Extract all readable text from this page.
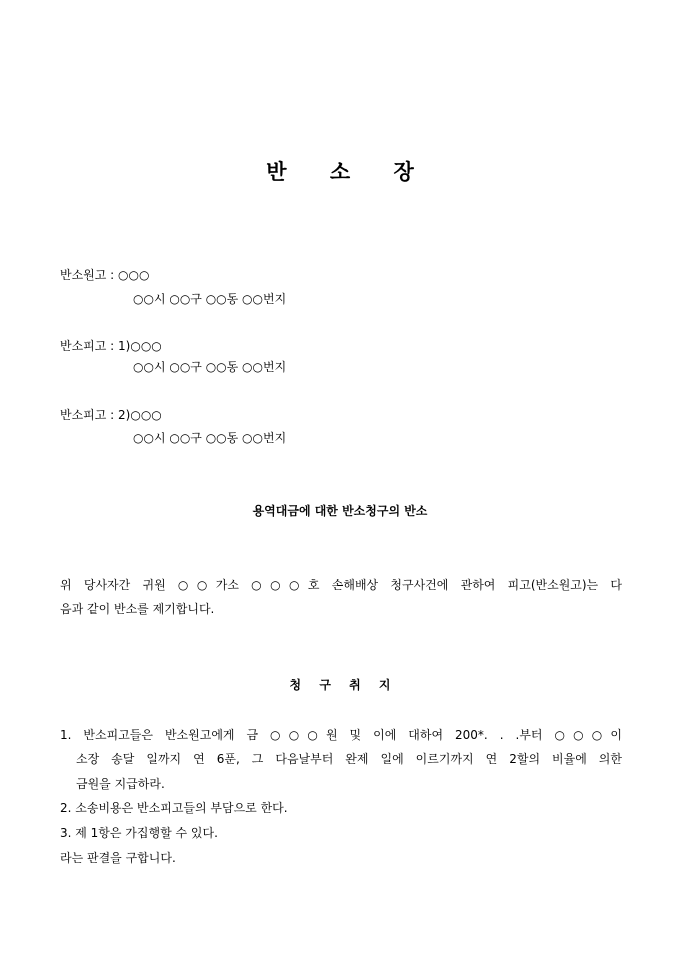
반 소 장
반소원고 : ○○○
○○시 ○○구 ○○동 ○○번지
반소피고 : 1)○○○
○○시 ○○구 ○○동 ○○번지
반소피고 : 2)○○○
○○시 ○○구 ○○동 ○○번지
용역대금에 대한 반소청구의 반소
위 당사자간 귀원 ○○가소 ○○○호 손해배상 청구사건에 관하여 피고(반소원고)는 다
음과 같이 반소를 제기합니다.
청 구 취 지
1. 반소피고들은 반소원고에게 금 ○○○원 및 이에 대하여 200*. . .부터 ○○○이
소장 송달 일까지 연 6푼, 그 다음날부터 완제 일에 이르기까지 연 2할의 비율에 의한
금원을 지급하라.
2. 소송비용은 반소피고들의 부담으로 한다.
3. 제 1항은 가집행할 수 있다.
라는 판결을 구합니다.
